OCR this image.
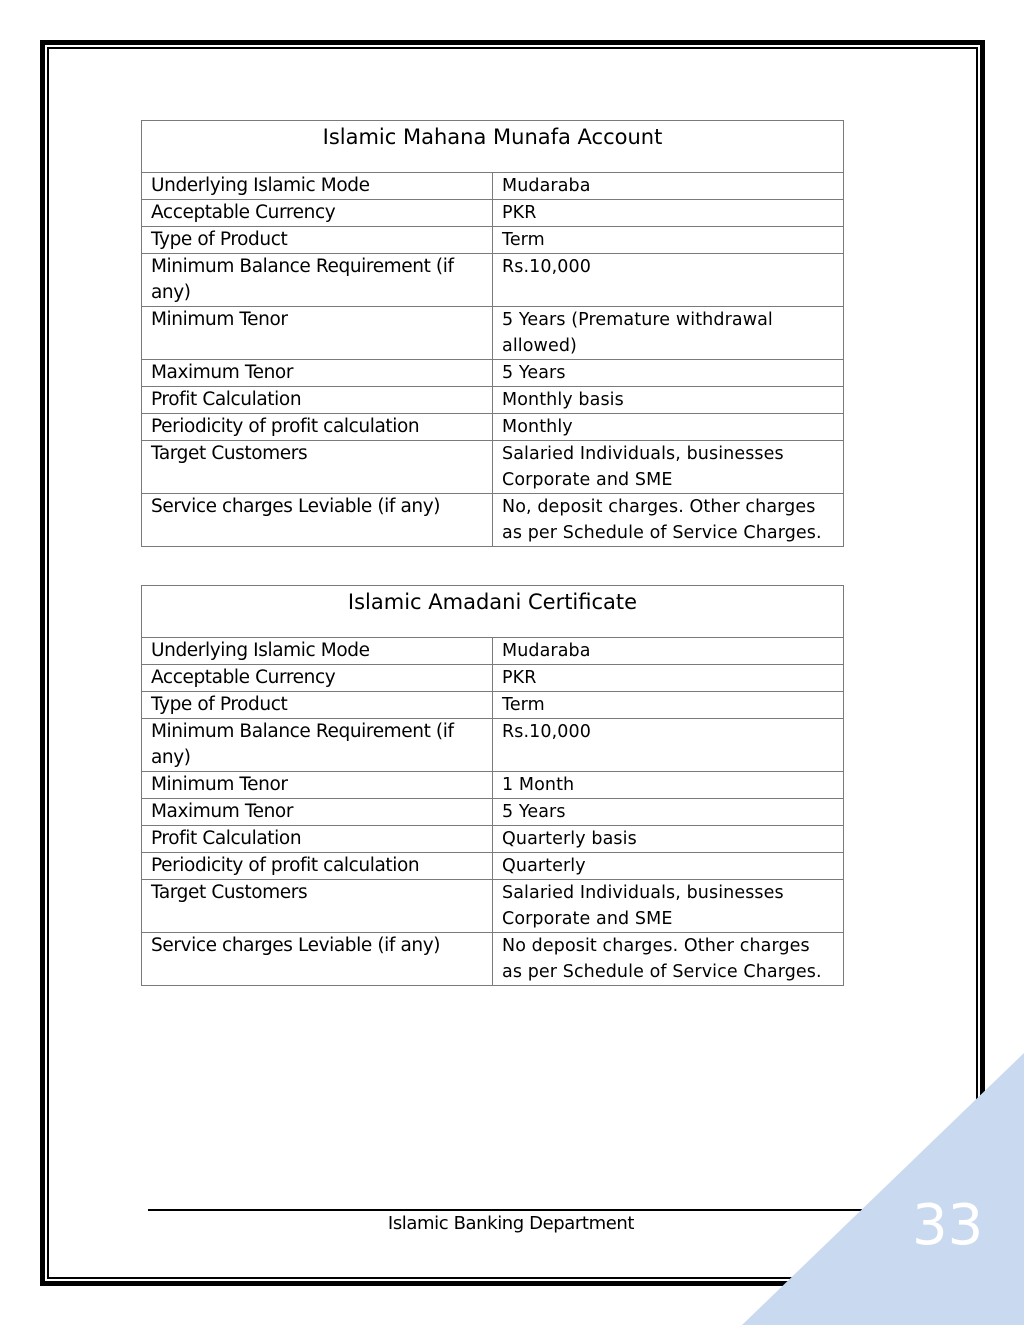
Islamic Mahana Munafa Account	
Underlying Islamic Mode	Mudaraba
Acceptable Currency	PKR
Type of Product	Term
Minimum Balance Requirement (if any)	Rs.10,000
Minimum Tenor	5 Years (Premature withdrawal allowed)
Maximum Tenor	5 Years
Profit Calculation	Monthly basis
Periodicity of profit calculation	Monthly
Target Customers	Salaried Individuals, businesses Corporate and SME
Service charges Leviable (if any)	No, deposit charges. Other charges as per Schedule of Service Charges.
Islamic Amadani Certificate	
Underlying Islamic Mode	Mudaraba
Acceptable Currency	PKR
Type of Product	Term
Minimum Balance Requirement (if any)	Rs.10,000
Minimum Tenor	1 Month
Maximum Tenor	5 Years
Profit Calculation	Quarterly basis
Periodicity of profit calculation	Quarterly
Target Customers	Salaried Individuals, businesses Corporate and SME
Service charges Leviable (if any)	No deposit charges. Other charges as per Schedule of Service Charges.
Islamic Banking Department	33
